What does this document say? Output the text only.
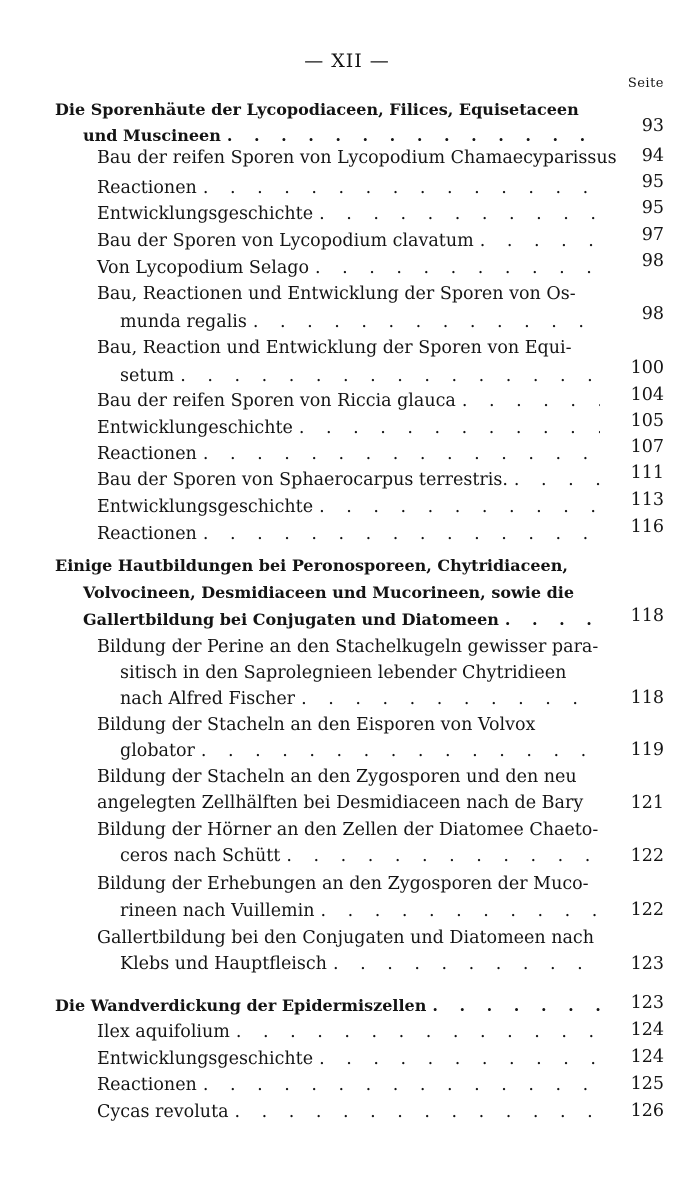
— XII —
Seite
Die Sporenhäute der Lycopodiaceen, Filices, Equisetaceen
und Muscineen . . .	93
Bau der reifen Sporen von Lycopodium Chamaecyparissus 94
Reactionen . . .	95
Entwicklungsgeschichte . . .	95
Bau der Sporen von Lycopodium clavatum . . .	97
Von Lycopodium Selago . . .	98
Bau, Reactionen und Entwicklung der Sporen von Os-
munda regalis . . .	98
Bau, Reaction und Entwicklung der Sporen von Equi-
setum . . .	100
Bau der reifen Sporen von Riccia glauca . . .	104
Entwicklungeschichte . . .	105
Reactionen . . .	107
Bau der Sporen von Sphaerocarpus terrestris. . . .	111
Entwicklungsgeschichte . . .	113
Reactionen . . .	116
Einige Hautbildungen bei Peronosporeen, Chytridiaceen,
Volvocineen, Desmidiaceen und Mucorineen, sowie die
Gallertbildung bei Conjugaten und Diatomeen . . .	118
Bildung der Perine an den Stachelkugeln gewisser para-
sitisch in den Saprolegnieen lebender Chytridieen
nach Alfred Fischer . . .	118
Bildung der Stacheln an den Eisporen von Volvox
globator . . .	119
Bildung der Stacheln an den Zygosporen und den neu
angelegten Zellhälften bei Desmidiaceen nach de Bary	121
Bildung der Hörner an den Zellen der Diatomee Chaeto-
ceros nach Schütt . . .	122
Bildung der Erhebungen an den Zygosporen der Muco-
rineen nach Vuillemin . . .	122
Gallertbildung bei den Conjugaten und Diatomeen nach
Klebs und Hauptfleisch . . .	123
Die Wandverdickung der Epidermiszellen . . .	123
Ilex aquifolium . . .	124
Entwicklungsgeschichte . . .	124
Reactionen . . .	125
Cycas revoluta . . .	126
